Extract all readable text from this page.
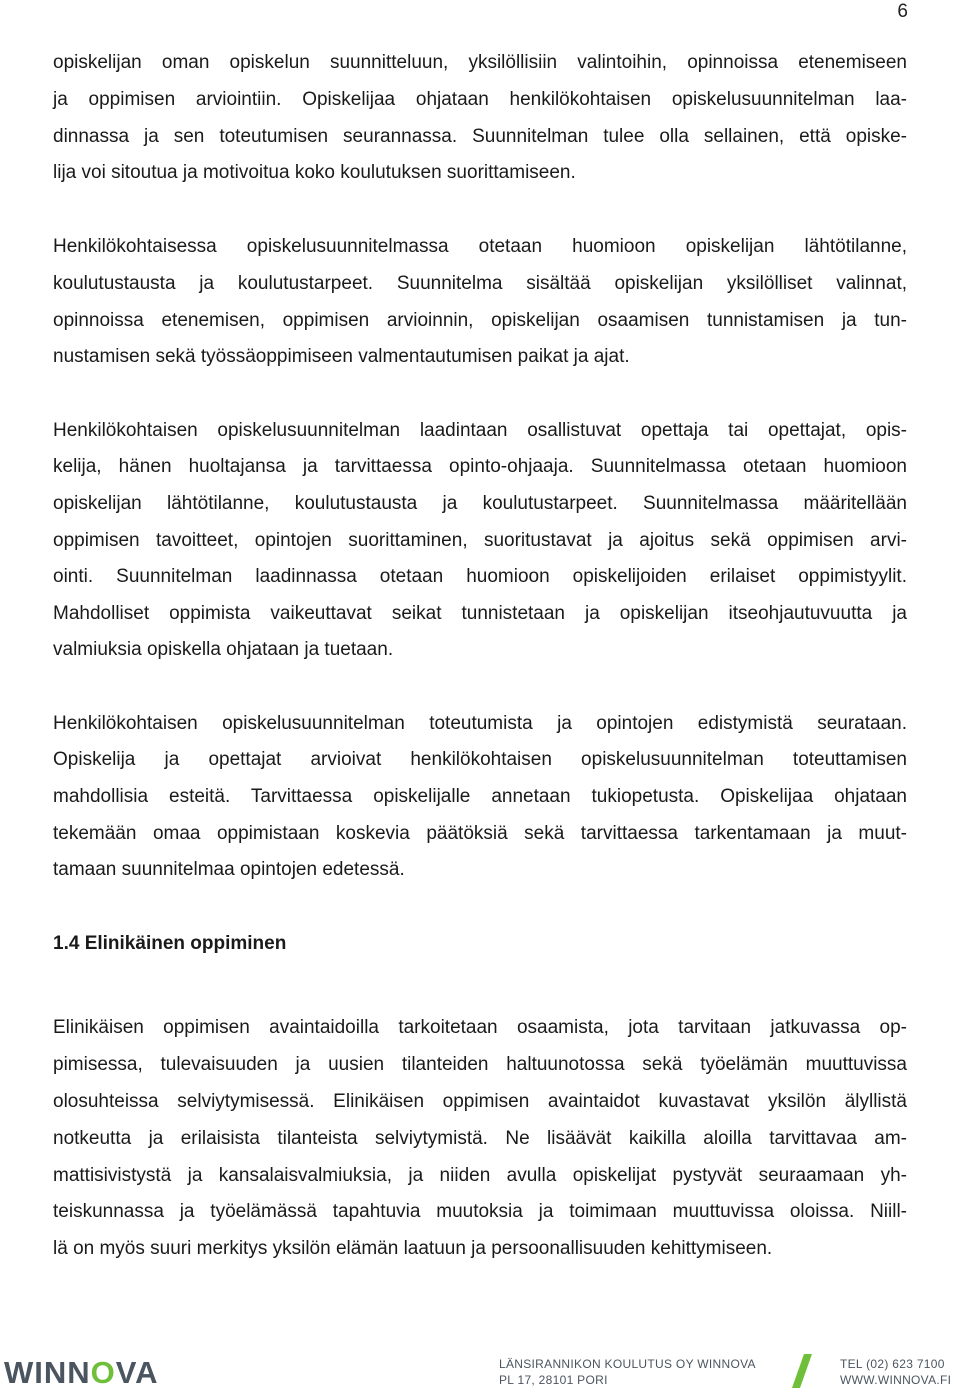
6
opiskelijan oman opiskelun suunnitteluun, yksilöllisiin valintoihin, opinnoissa etenemiseen
ja oppimisen arviointiin. Opiskelijaa ohjataan henkilökohtaisen opiskelusuunnitelman laa-
dinnassa ja sen toteutumisen seurannassa. Suunnitelman tulee olla sellainen, että opiske-
lija voi sitoutua ja motivoitua koko koulutuksen suorittamiseen.
Henkilökohtaisessa opiskelusuunnitelmassa otetaan huomioon opiskelijan lähtötilanne,
koulutustausta ja koulutustarpeet. Suunnitelma sisältää opiskelijan yksilölliset valinnat,
opinnoissa etenemisen, oppimisen arvioinnin, opiskelijan osaamisen tunnistamisen ja tun-
nustamisen sekä työssäoppimiseen valmentautumisen paikat ja ajat.
Henkilökohtaisen opiskelusuunnitelman laadintaan osallistuvat opettaja tai opettajat, opis-
kelija, hänen huoltajansa ja tarvittaessa opinto-ohjaaja. Suunnitelmassa otetaan huomioon
opiskelijan lähtötilanne, koulutustausta ja koulutustarpeet. Suunnitelmassa määritellään
oppimisen tavoitteet, opintojen suorittaminen, suoritustavat ja ajoitus sekä oppimisen arvi-
ointi. Suunnitelman laadinnassa otetaan huomioon opiskelijoiden erilaiset oppimistyylit.
Mahdolliset oppimista vaikeuttavat seikat tunnistetaan ja opiskelijan itseohjautuvuutta ja
valmiuksia opiskella ohjataan ja tuetaan.
Henkilökohtaisen opiskelusuunnitelman toteutumista ja opintojen edistymistä seurataan.
Opiskelija ja opettajat arvioivat henkilökohtaisen opiskelusuunnitelman toteuttamisen
mahdollisia esteitä. Tarvittaessa opiskelijalle annetaan tukiopetusta. Opiskelijaa ohjataan
tekemään omaa oppimistaan koskevia päätöksiä sekä tarvittaessa tarkentamaan ja muut-
tamaan suunnitelmaa opintojen edetessä.
1.4 Elinikäinen oppiminen
Elinikäisen oppimisen avaintaidoilla tarkoitetaan osaamista, jota tarvitaan jatkuvassa op-
pimisessa, tulevaisuuden ja uusien tilanteiden haltuunotossa sekä työelämän muuttuvissa
olosuhteissa selviytymisessä. Elinikäisen oppimisen avaintaidot kuvastavat yksilön älyllistä
notkeutta ja erilaisista tilanteista selviytymistä. Ne lisäävät kaikilla aloilla tarvittavaa am-
mattisivistystä ja kansalaisvalmiuksia, ja niiden avulla opiskelijat pystyvät seuraamaan yh-
teiskunnassa ja työelämässä tapahtuvia muutoksia ja toimimaan muuttuvissa oloissa. Niill-
lä on myös suuri merkitys yksilön elämän laatuun ja persoonallisuuden kehittymiseen.
WINNOVA	LÄNSIRANNIKON KOULUTUS OY WINNOVA
PL 17, 28101 PORI
TEL (02) 623 7100
WWW.WINNOVA.FI
